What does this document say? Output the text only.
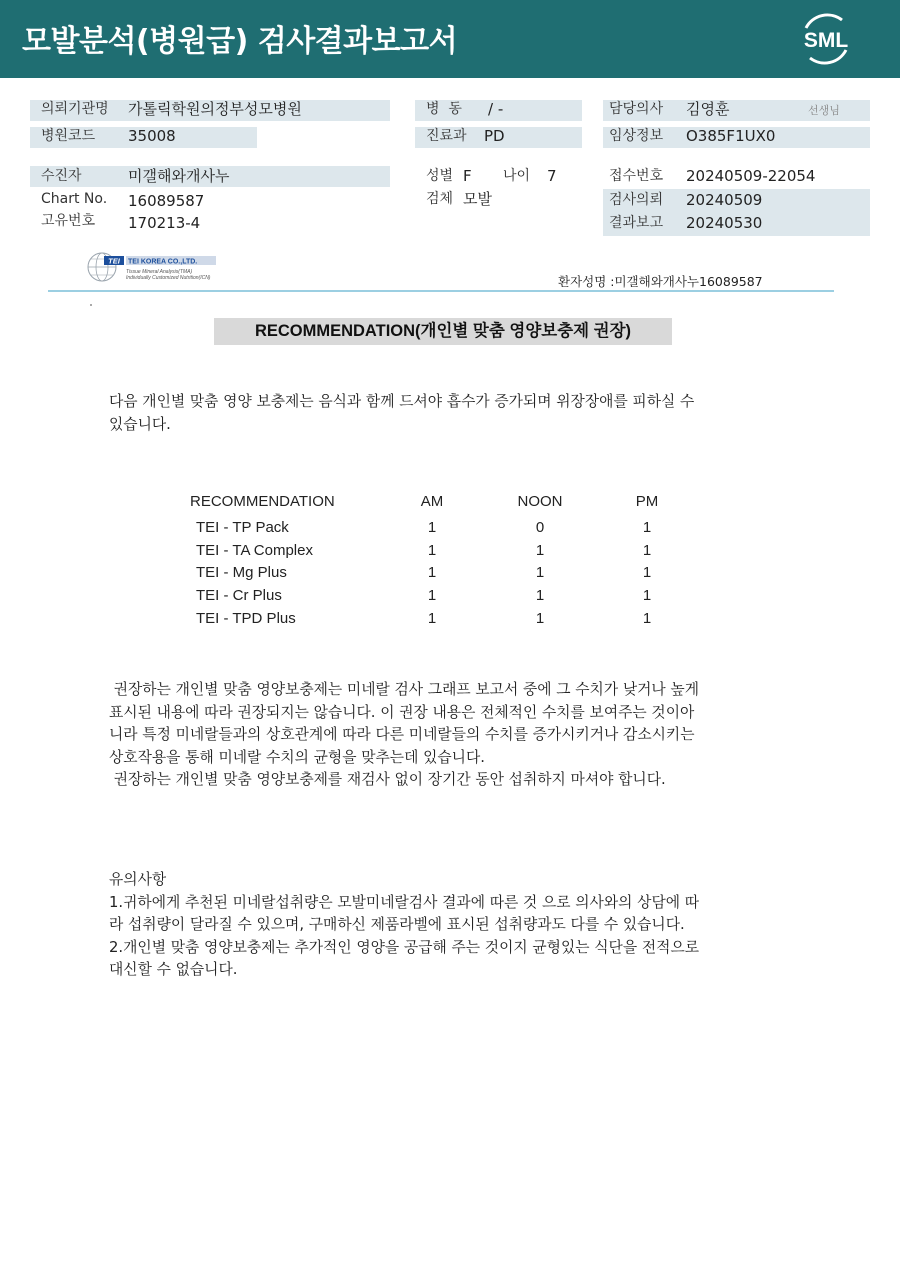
모발분석(병원급) 검사결과보고서	SML
의뢰기관명 가톨릭학원의정부성모병원
병원코드 35008
병  동 / -
진료과 PD
담당의사 김영훈	선생님
임상정보 O385F1UX0
수진자	미갤해와개사누
Chart No. 16089587
고유번호 170213-4
성별 F 나이 7
검체 모발
접수번호 20240509-22054
검사의뢰 20240509
결과보고 20240530
TEI TEI KOREA CO.,LTD.
Tissue Mineral Analysis(TMA)
Individually Customized Nutrition(ICN)	환자성명 :미갤해와개사누16089587
RECOMMENDATION(개인별 맞춤 영양보충제 권장)

다음 개인별 맞춤 영양 보충제는 음식과 함께 드셔야 흡수가 증가되며 위장장애를 피하실 수

있습니다.

RECOMMENDATION	AM	NOON	PM
TEI - TP Pack	1	0	1
TEI - TA Complex	1	1	1
TEI - Mg Plus	1	1	1
TEI - Cr Plus	1	1	1
TEI - TPD Plus	1	1	1

권장하는 개인별 맞춤 영양보충제는 미네랄 검사 그래프 보고서 중에 그 수치가 낮거나 높게

표시된 내용에 따라 권장되지는 않습니다. 이 권장 내용은 전체적인 수치를 보여주는 것이아

니라 특정 미네랄들과의 상호관계에 따라 다른 미네랄들의 수치를 증가시키거나 감소시키는

상호작용을 통해 미네랄 수치의 균형을 맞추는데 있습니다.

권장하는 개인별 맞춤 영양보충제를 재검사 없이 장기간 동안 섭취하지 마셔야 합니다.

유의사항

1.귀하에게 추천된 미네랄섭취량은 모발미네랄검사 결과에 따른 것 으로 의사와의 상담에 따

라 섭취량이 달라질 수 있으며, 구매하신 제품라벨에 표시된 섭취량과도 다를 수 있습니다.

2.개인별 맞춤 영양보충제는 추가적인 영양을 공급해 주는 것이지 균형있는 식단을 전적으로

대신할 수 없습니다.
